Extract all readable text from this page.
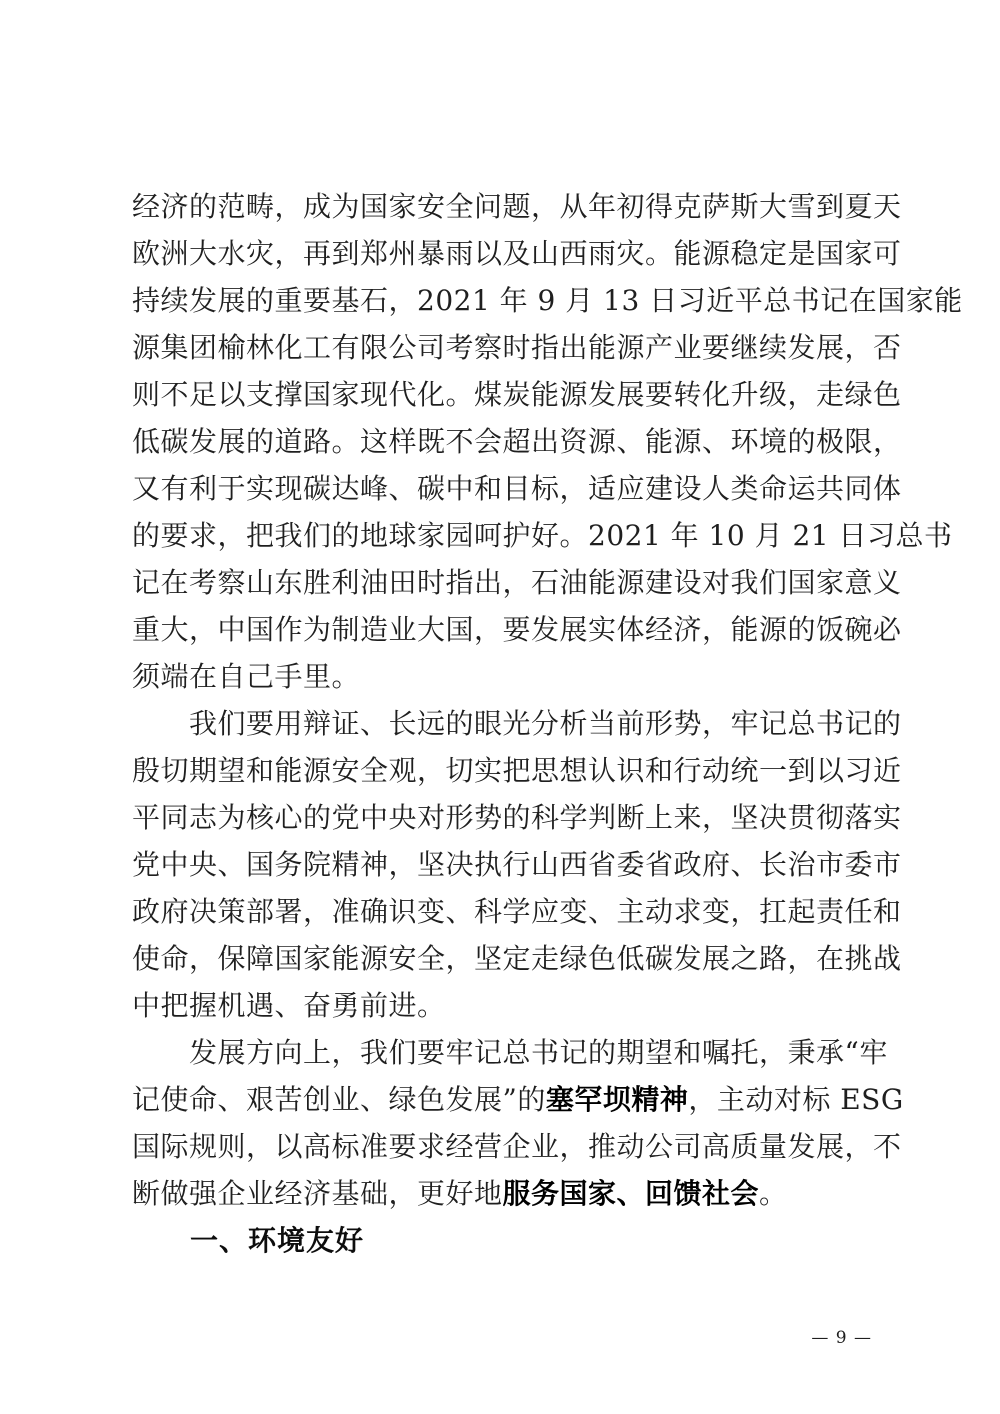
经济的范畴，成为国家安全问题，从年初得克萨斯大雪到夏天
欧洲大水灾，再到郑州暴雨以及山西雨灾。能源稳定是国家可
持续发展的重要基石，2021 年 9 月 13 日习近平总书记在国家能
源集团榆林化工有限公司考察时指出能源产业要继续发展，否
则不足以支撑国家现代化。煤炭能源发展要转化升级，走绿色
低碳发展的道路。这样既不会超出资源、能源、环境的极限，
又有利于实现碳达峰、碳中和目标，适应建设人类命运共同体
的要求，把我们的地球家园呵护好。2021 年 10 月 21 日习总书
记在考察山东胜利油田时指出，石油能源建设对我们国家意义
重大，中国作为制造业大国，要发展实体经济，能源的饭碗必
须端在自己手里。
我们要用辩证、长远的眼光分析当前形势，牢记总书记的
殷切期望和能源安全观，切实把思想认识和行动统一到以习近
平同志为核心的党中央对形势的科学判断上来，坚决贯彻落实
党中央、国务院精神，坚决执行山西省委省政府、长治市委市
政府决策部署，准确识变、科学应变、主动求变，扛起责任和
使命，保障国家能源安全，坚定走绿色低碳发展之路，在挑战
中把握机遇、奋勇前进。
发展方向上，我们要牢记总书记的期望和嘱托，秉承“牢
记使命、艰苦创业、绿色发展”的塞罕坝精神，主动对标 ESG
国际规则，以高标准要求经营企业，推动公司高质量发展，不
断做强企业经济基础，更好地服务国家、回馈社会。
一、环境友好
— 9 —
